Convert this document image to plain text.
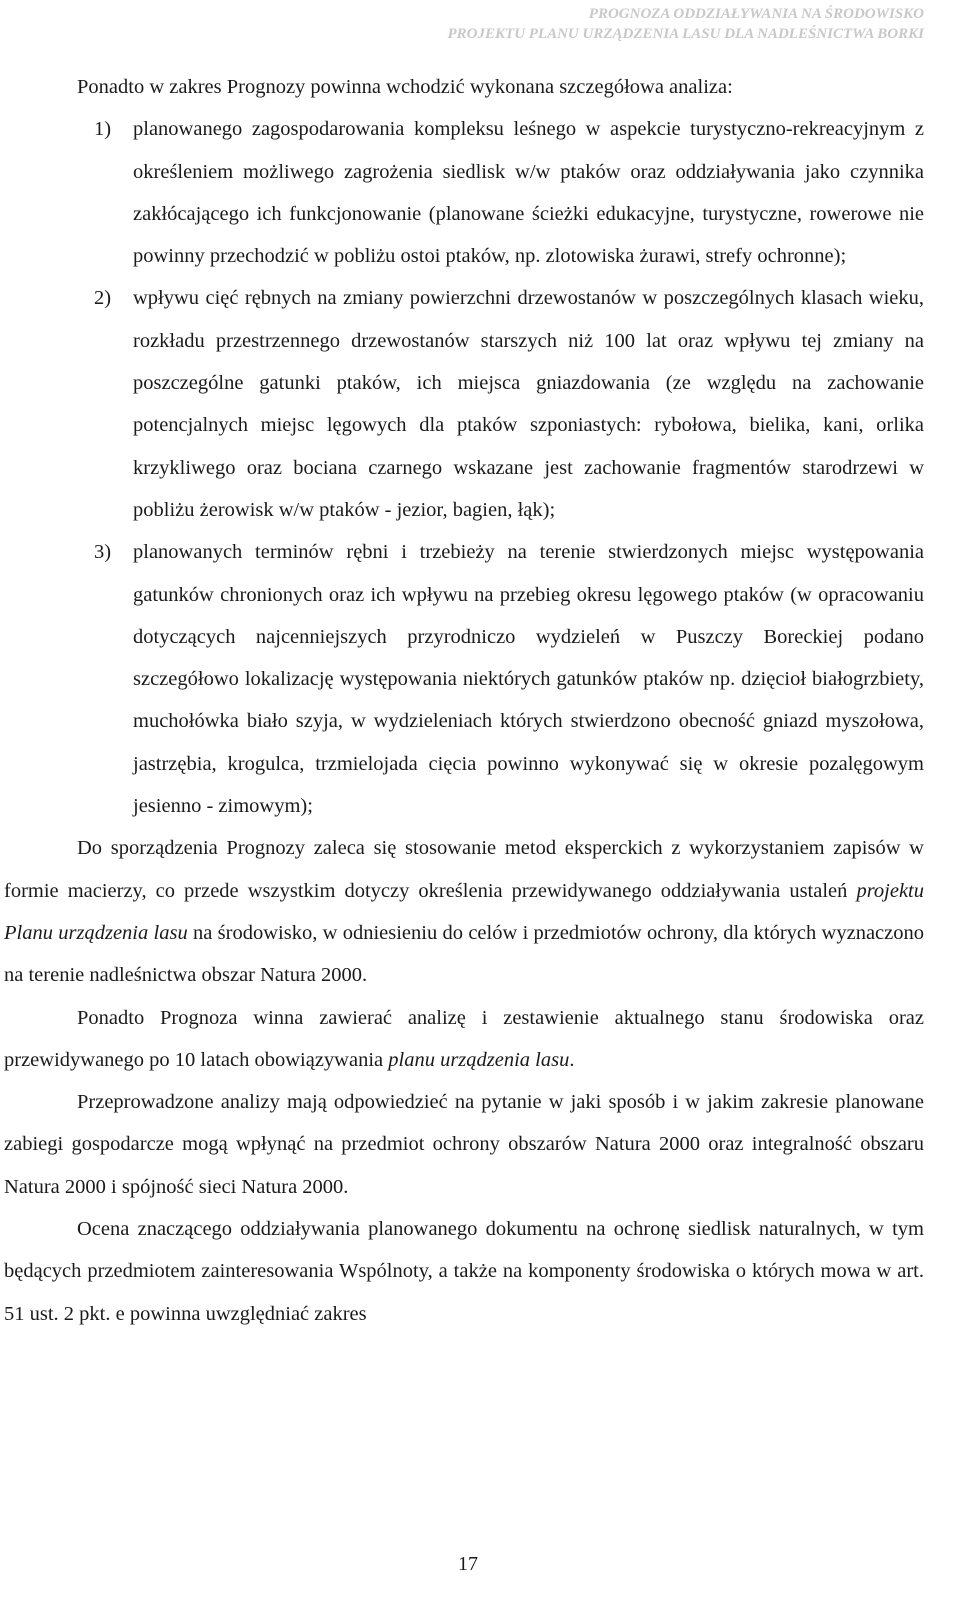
PROGNOZA ODDZIAŁYWANIA NA ŚRODOWISKO
PROJEKTU PLANU URZĄDZENIA LASU DLA NADLEŚNICTWA BORKI

Ponadto w zakres Prognozy powinna wchodzić wykonana szczegółowa analiza:

1) planowanego zagospodarowania kompleksu leśnego w aspekcie turystyczno-rekreacyjnym z określeniem możliwego zagrożenia siedlisk w/w ptaków oraz oddziaływania jako czynnika zakłócającego ich funkcjonowanie (planowane ścieżki edukacyjne, turystyczne, rowerowe nie powinny przechodzić w pobliżu ostoi ptaków, np. zlotowiska żurawi, strefy ochronne);
2) wpływu cięć rębnych na zmiany powierzchni drzewostanów w poszczególnych klasach wieku, rozkładu przestrzennego drzewostanów starszych niż 100 lat oraz wpływu tej zmiany na poszczególne gatunki ptaków, ich miejsca gniazdowania (ze względu na zachowanie potencjalnych miejsc lęgowych dla ptaków szponiastych: rybołowa, bielika, kani, orlika krzykliwego oraz bociana czarnego wskazane jest zachowanie fragmentów starodrzewi w pobliżu żerowisk w/w ptaków - jezior, bagien, łąk);
3) planowanych terminów rębni i trzebieży na terenie stwierdzonych miejsc występowania gatunków chronionych oraz ich wpływu na przebieg okresu lęgowego ptaków (w opracowaniu dotyczących najcenniejszych przyrodniczo wydzieleń w Puszczy Boreckiej podano szczegółowo lokalizację występowania niektórych gatunków ptaków np. dzięcioł białogrzbiety, muchołówka biało szyja, w wydzieleniach których stwierdzono obecność gniazd myszołowa, jastrzębia, krogulca, trzmielojada cięcia powinno wykonywać się w okresie pozalęgowym jesienno - zimowym);

Do sporządzenia Prognozy zaleca się stosowanie metod eksperckich z wykorzystaniem zapisów w formie macierzy, co przede wszystkim dotyczy określenia przewidywanego oddziaływania ustaleń projektu Planu urządzenia lasu na środowisko, w odniesieniu do celów i przedmiotów ochrony, dla których wyznaczono na terenie nadleśnictwa obszar Natura 2000.

Ponadto Prognoza winna zawierać analizę i zestawienie aktualnego stanu środowiska oraz przewidywanego po 10 latach obowiązywania planu urządzenia lasu.

Przeprowadzone analizy mają odpowiedzieć na pytanie w jaki sposób i w jakim zakresie planowane zabiegi gospodarcze mogą wpłynąć na przedmiot ochrony obszarów Natura 2000 oraz integralność obszaru Natura 2000 i spójność sieci Natura 2000.

Ocena znaczącego oddziaływania planowanego dokumentu na ochronę siedlisk naturalnych, w tym będących przedmiotem zainteresowania Wspólnoty, a także na komponenty środowiska o których mowa w art. 51 ust. 2 pkt. e powinna uwzględniać zakres

17
